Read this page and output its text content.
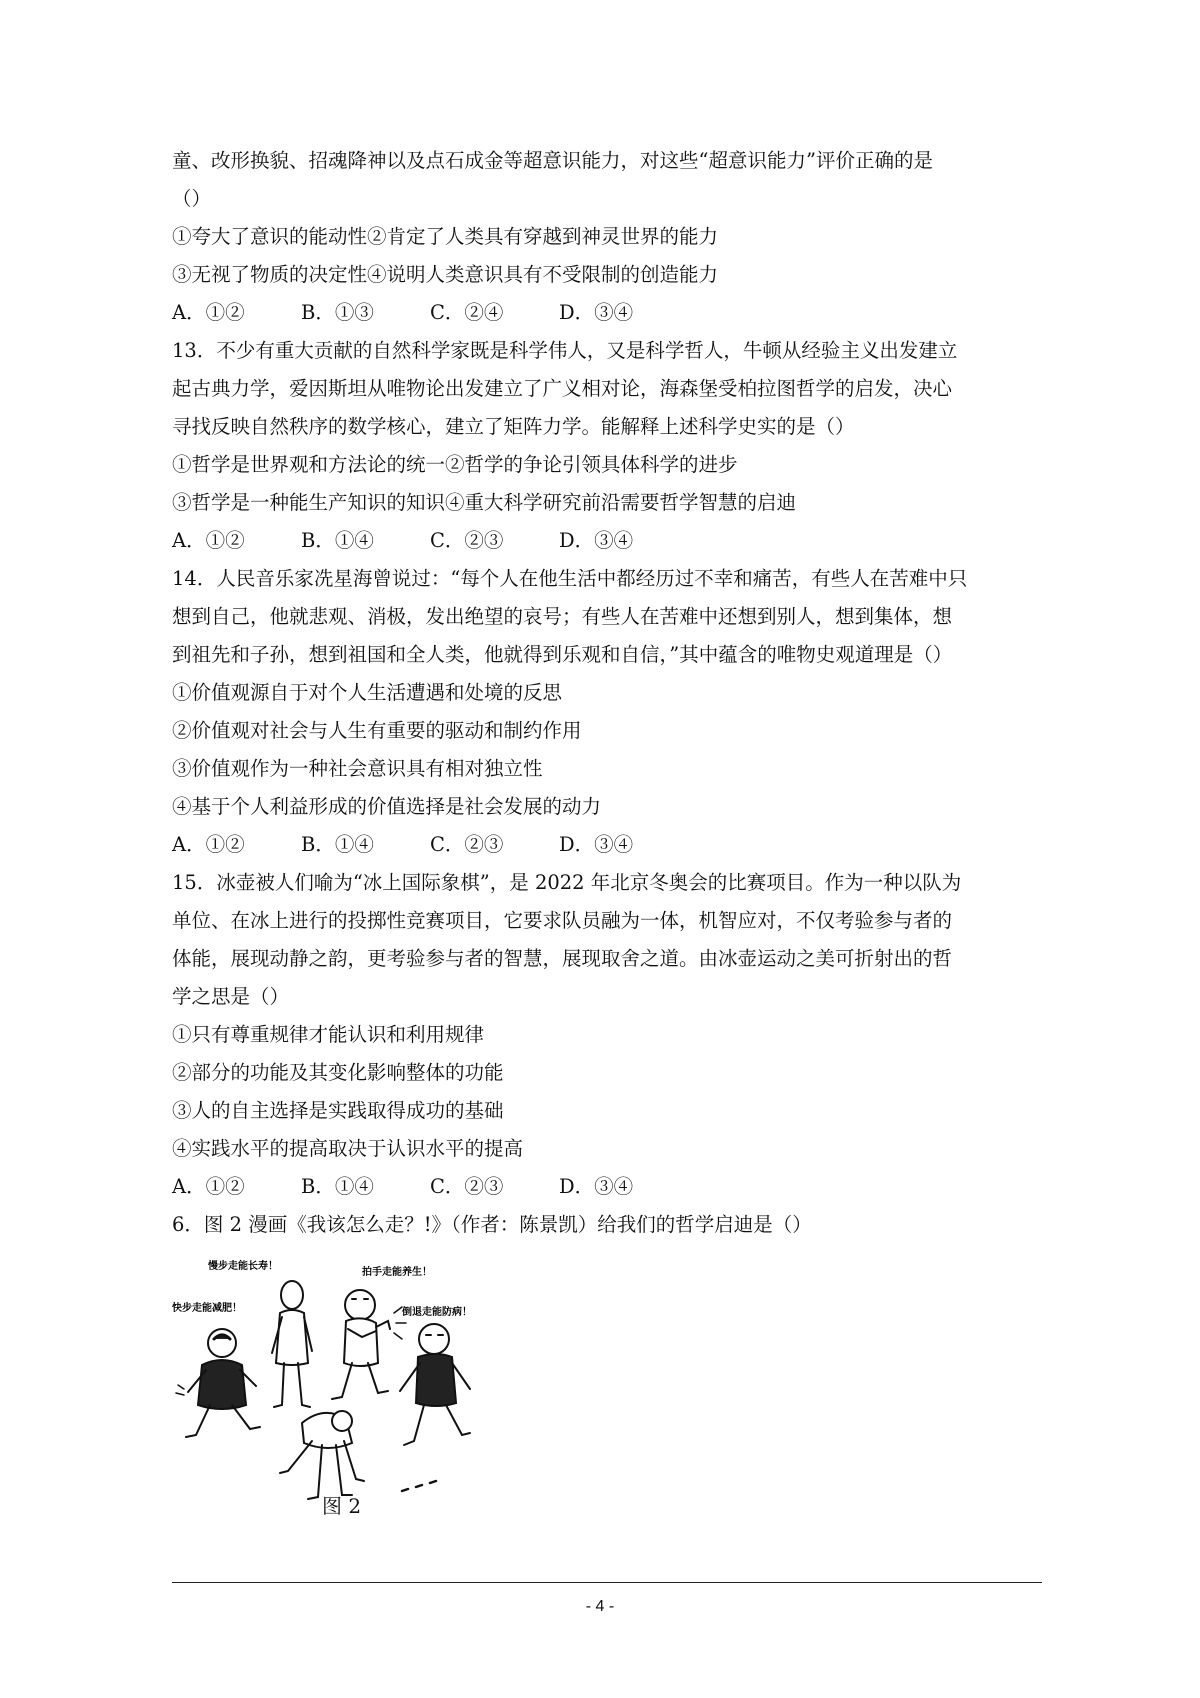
童、改形换貌、招魂降神以及点石成金等超意识能力，对这些“超意识能力”评价正确的是
（）
①夸大了意识的能动性②肯定了人类具有穿越到神灵世界的能力
③无视了物质的决定性④说明人类意识具有不受限制的创造能力
A．①②	B．①③	C．②④	D．③④
13．不少有重大贡献的自然科学家既是科学伟人，又是科学哲人，牛顿从经验主义出发建立
起古典力学，爱因斯坦从唯物论出发建立了广义相对论，海森堡受柏拉图哲学的启发，决心
寻找反映自然秩序的数学核心，建立了矩阵力学。能解释上述科学史实的是（）
①哲学是世界观和方法论的统一②哲学的争论引领具体科学的进步
③哲学是一种能生产知识的知识④重大科学研究前沿需要哲学智慧的启迪
A．①②	B．①④	C．②③	D．③④
14．人民音乐家冼星海曾说过：“每个人在他生活中都经历过不幸和痛苦，有些人在苦难中只
想到自己，他就悲观、消极，发出绝望的哀号；有些人在苦难中还想到别人，想到集体，想
到祖先和子孙，想到祖国和全人类，他就得到乐观和自信，”其中蕴含的唯物史观道理是（）
①价值观源自于对个人生活遭遇和处境的反思
②价值观对社会与人生有重要的驱动和制约作用
③价值观作为一种社会意识具有相对独立性
④基于个人利益形成的价值选择是社会发展的动力
A．①②	B．①④	C．②③	D．③④
15．冰壶被人们喻为“冰上国际象棋”，是 2022 年北京冬奥会的比赛项目。作为一种以队为
单位、在冰上进行的投掷性竞赛项目，它要求队员融为一体，机智应对，不仅考验参与者的
体能，展现动静之韵，更考验参与者的智慧，展现取舍之道。由冰壶运动之美可折射出的哲
学之思是（）
①只有尊重规律才能认识和利用规律
②部分的功能及其变化影响整体的功能
③人的自主选择是实践取得成功的基础
④实践水平的提高取决于认识水平的提高
A．①②	B．①④	C．②③	D．③④
6．图 2 漫画《我该怎么走？!》（作者：陈景凯）给我们的哲学启迪是（）
慢步走能长寿！
快步走能减肥！
拍手走能养生！
倒退走能防病！
图 2
- 4 -
